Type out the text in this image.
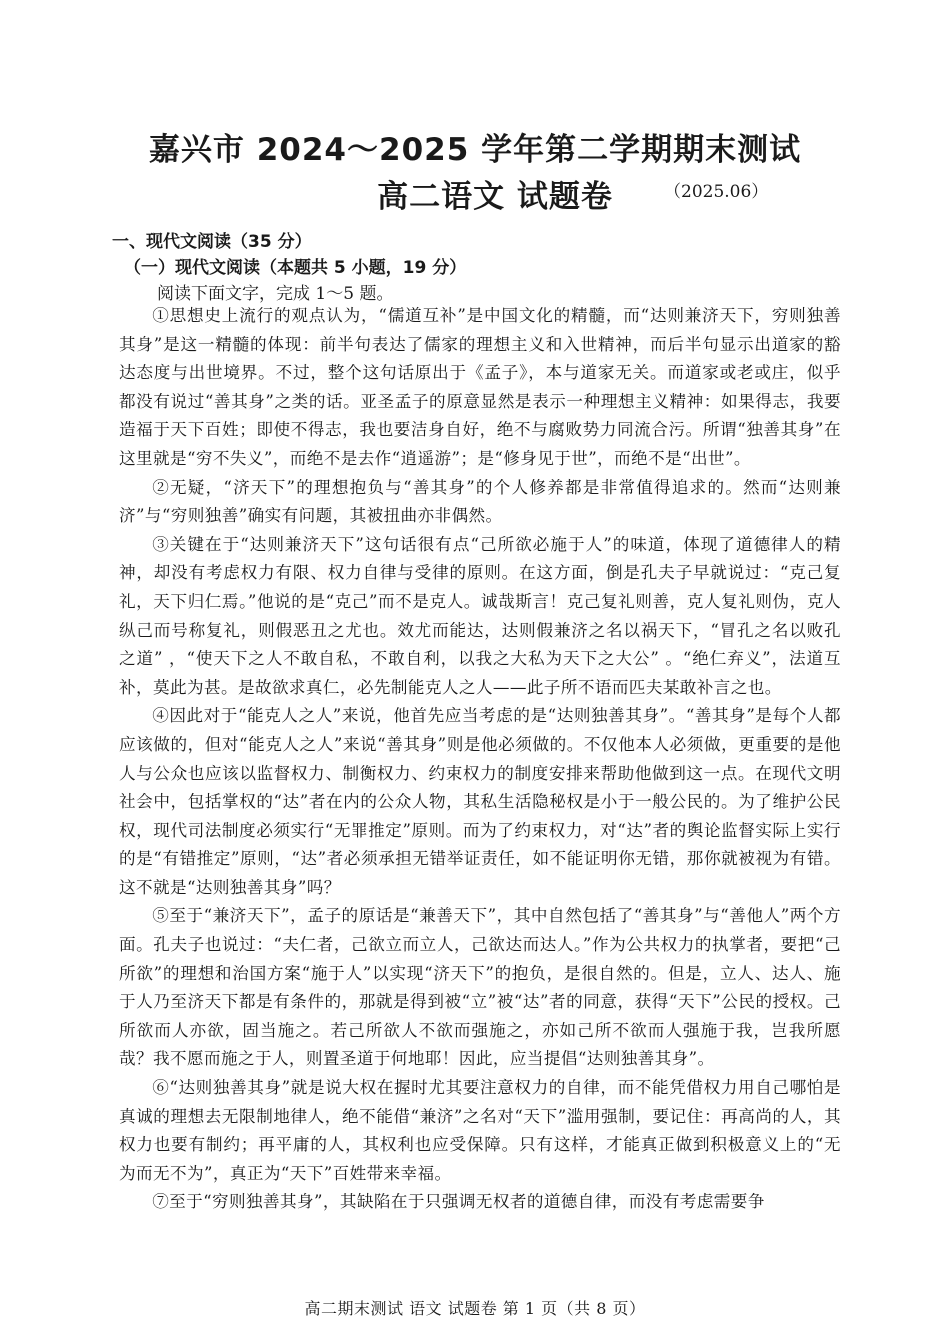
嘉兴市 2024～2025 学年第二学期期末测试
高二语文 试题卷	（2025.06）
一、现代文阅读（35 分）
（一）现代文阅读（本题共 5 小题，19 分）
阅读下面文字，完成 1～5 题。

①思想史上流行的观点认为，“儒道互补”是中国文化的精髓，而“达则兼济天下，穷则独善其身”是这一精髓的体现：前半句表达了儒家的理想主义和入世精神，而后半句显示出道家的豁达态度与出世境界。不过，整个这句话原出于《孟子》，本与道家无关。而道家或老或庄，似乎都没有说过“善其身”之类的话。亚圣孟子的原意显然是表示一种理想主义精神：如果得志，我要造福于天下百姓；即使不得志，我也要洁身自好，绝不与腐败势力同流合污。所谓“独善其身”在这里就是“穷不失义”，而绝不是去作“逍遥游”；是“修身见于世”，而绝不是“出世”。

②无疑，“济天下”的理想抱负与“善其身”的个人修养都是非常值得追求的。然而“达则兼济”与“穷则独善”确实有问题，其被扭曲亦非偶然。

③关键在于“达则兼济天下”这句话很有点“己所欲必施于人”的味道，体现了道德律人的精神，却没有考虑权力有限、权力自律与受律的原则。在这方面，倒是孔夫子早就说过：“克己复礼，天下归仁焉。”他说的是“克己”而不是克人。诚哉斯言！克己复礼则善，克人复礼则伪，克人纵己而号称复礼，则假恶丑之尤也。效尤而能达，达则假兼济之名以祸天下，“冒孔之名以败孔之道” ，“使天下之人不敢自私，不敢自利，以我之大私为天下之大公” 。“绝仁弃义”，法道互补，莫此为甚。是故欲求真仁，必先制能克人之人——此子所不语而匹夫某敢补言之也。

④因此对于“能克人之人”来说，他首先应当考虑的是“达则独善其身”。“善其身”是每个人都应该做的，但对“能克人之人”来说“善其身”则是他必须做的。不仅他本人必须做，更重要的是他人与公众也应该以监督权力、制衡权力、约束权力的制度安排来帮助他做到这一点。在现代文明社会中，包括掌权的“达”者在内的公众人物，其私生活隐秘权是小于一般公民的。为了维护公民权，现代司法制度必须实行“无罪推定”原则。而为了约束权力，对“达”者的舆论监督实际上实行的是“有错推定”原则，“达”者必须承担无错举证责任，如不能证明你无错，那你就被视为有错。这不就是“达则独善其身”吗？

⑤至于“兼济天下”，孟子的原话是“兼善天下”，其中自然包括了“善其身”与“善他人”两个方面。孔夫子也说过：“夫仁者，己欲立而立人，己欲达而达人。”作为公共权力的执掌者，要把“己所欲”的理想和治国方案“施于人”以实现“济天下”的抱负，是很自然的。但是，立人、达人、施于人乃至济天下都是有条件的，那就是得到被“立”被“达”者的同意，获得“天下”公民的授权。己所欲而人亦欲，固当施之。若己所欲人不欲而强施之，亦如己所不欲而人强施于我，岂我所愿哉？我不愿而施之于人，则置圣道于何地耶！因此，应当提倡“达则独善其身”。

⑥“达则独善其身”就是说大权在握时尤其要注意权力的自律，而不能凭借权力用自己哪怕是真诚的理想去无限制地律人，绝不能借“兼济”之名对“天下”滥用强制，要记住：再高尚的人，其权力也要有制约；再平庸的人，其权利也应受保障。只有这样，才能真正做到积极意义上的“无为而无不为”，真正为“天下”百姓带来幸福。

⑦至于“穷则独善其身”，其缺陷在于只强调无权者的道德自律，而没有考虑需要争

高二期末测试 语文 试题卷 第 1 页（共 8 页）
